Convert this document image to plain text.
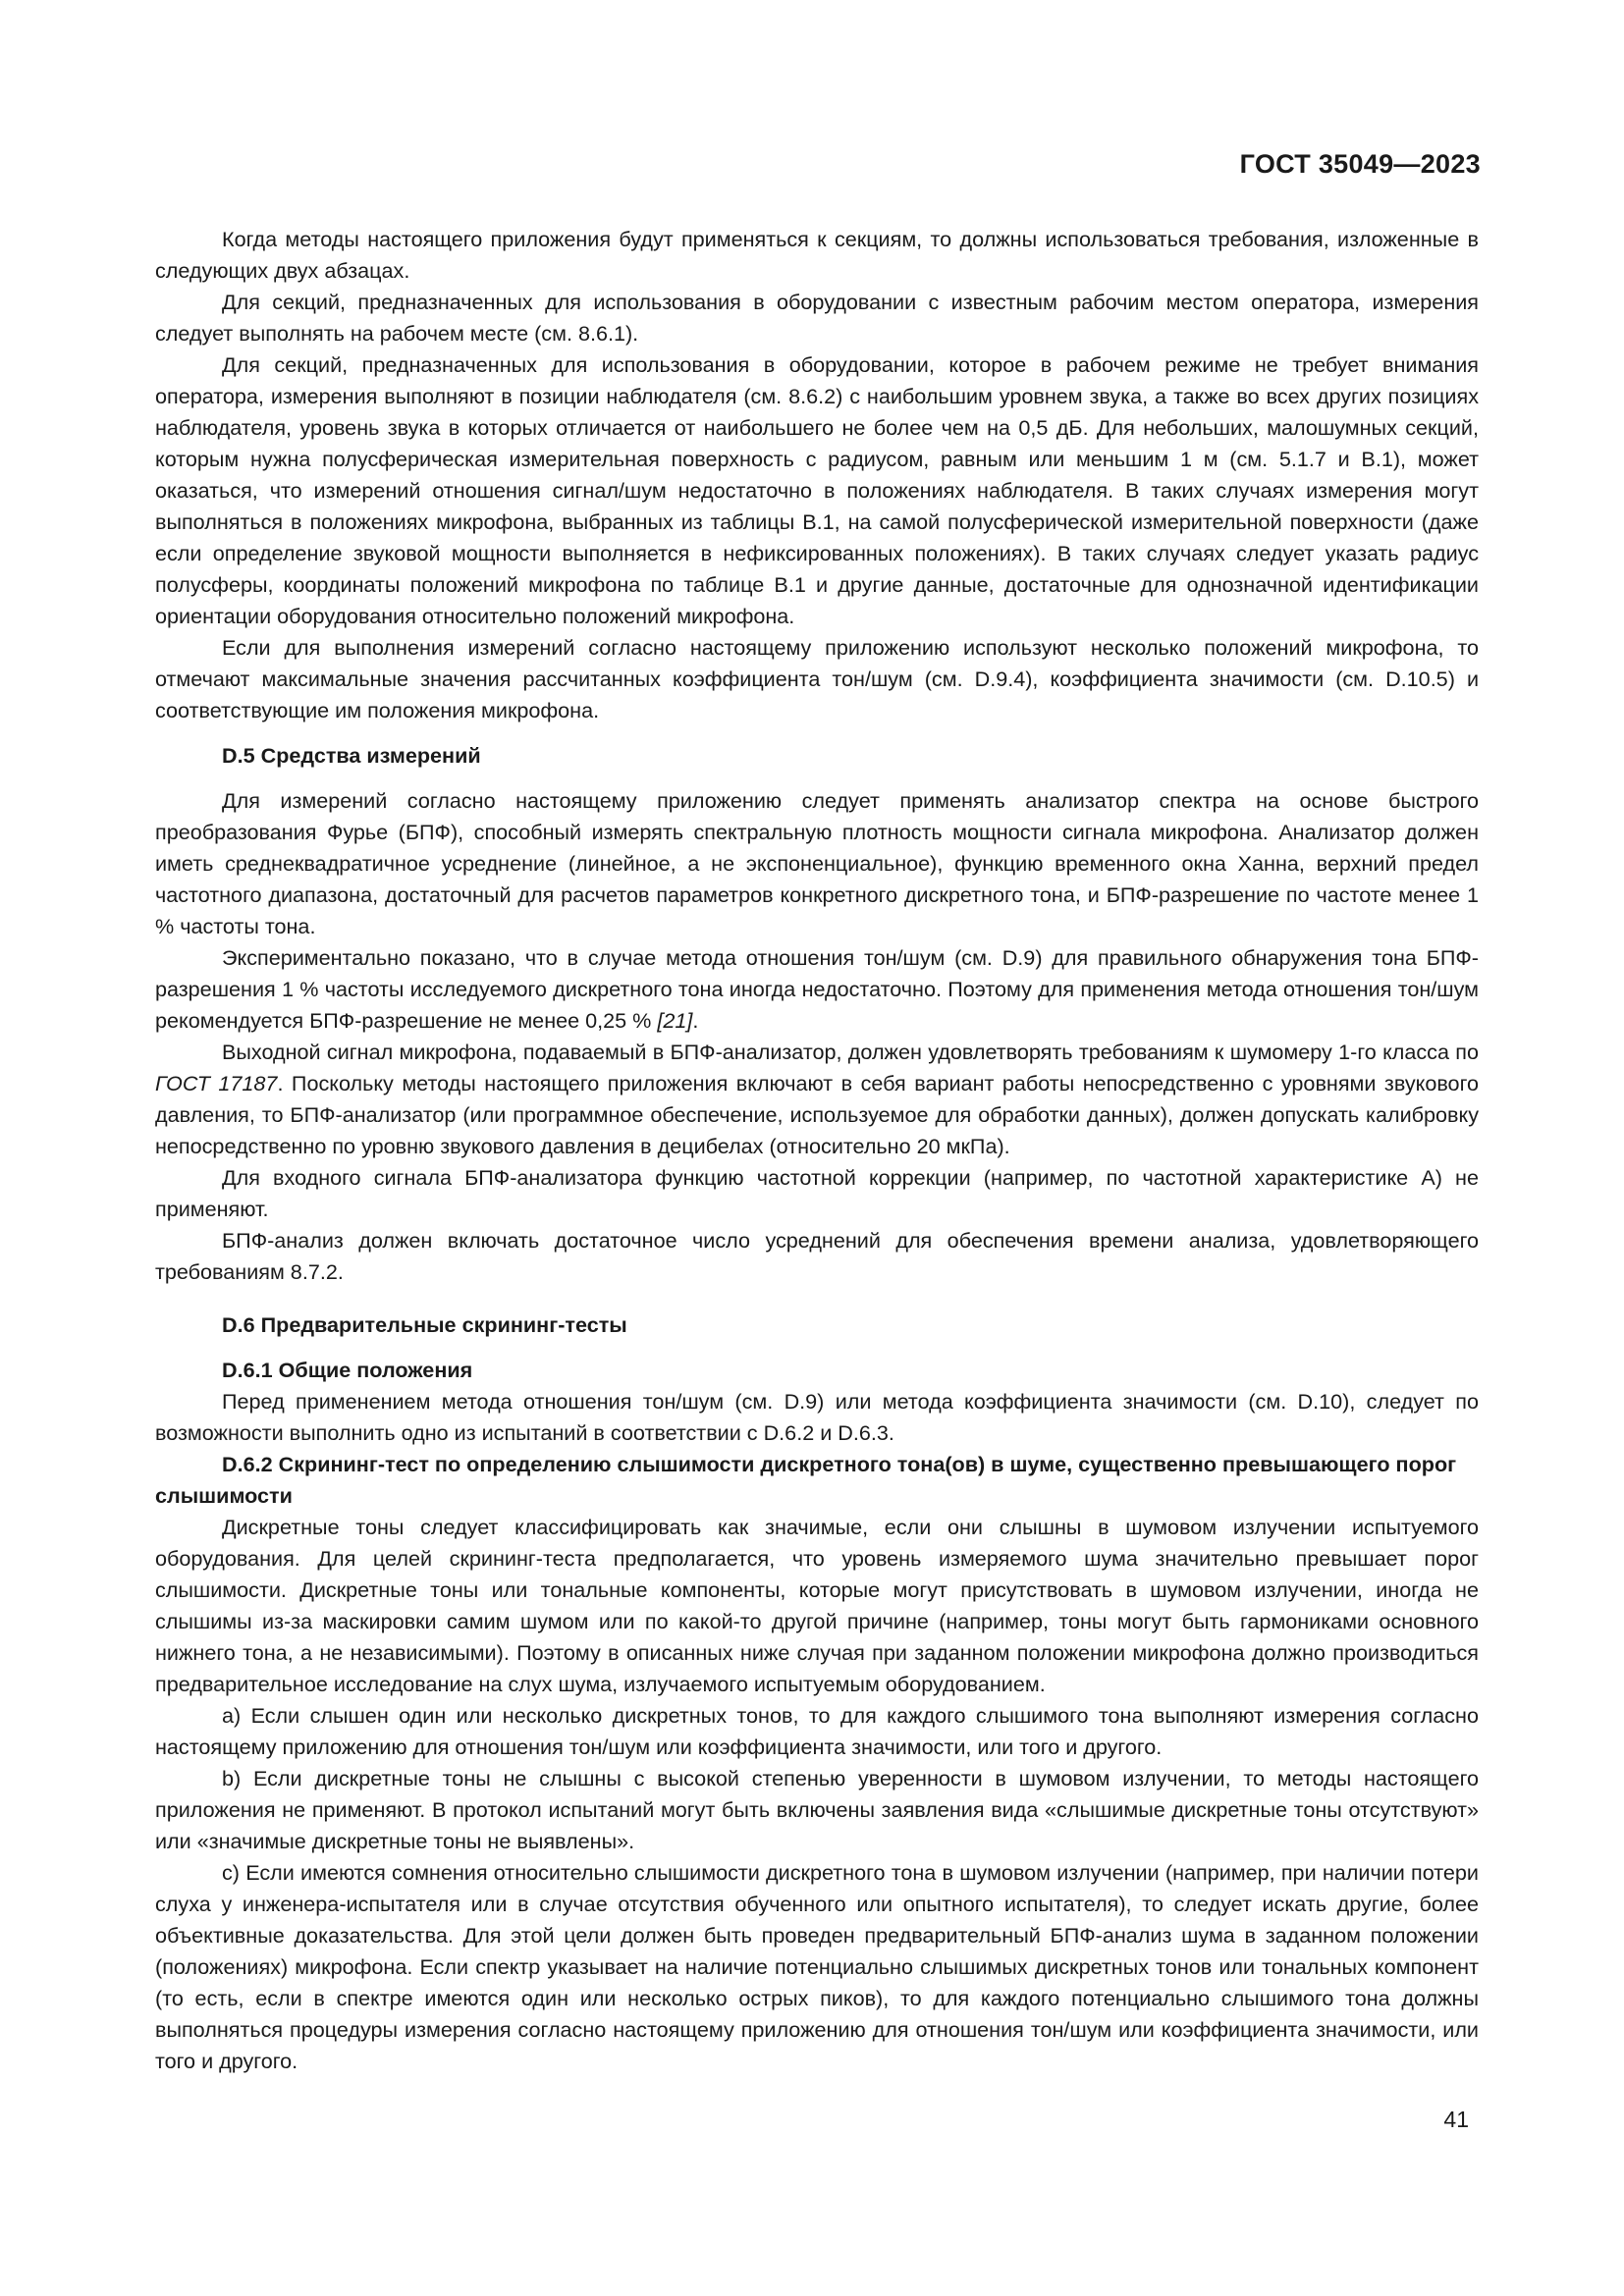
ГОСТ 35049—2023

Когда методы настоящего приложения будут применяться к секциям, то должны использоваться требования, изложенные в следующих двух абзацах.

Для секций, предназначенных для использования в оборудовании с известным рабочим местом оператора, измерения следует выполнять на рабочем месте (см. 8.6.1).

Для секций, предназначенных для использования в оборудовании, которое в рабочем режиме не требует внимания оператора, измерения выполняют в позиции наблюдателя (см. 8.6.2) с наибольшим уровнем звука, а также во всех других позициях наблюдателя, уровень звука в которых отличается от наибольшего не более чем на 0,5 дБ. Для небольших, малошумных секций, которым нужна полусферическая измерительная поверхность с радиусом, равным или меньшим 1 м (см. 5.1.7 и В.1), может оказаться, что измерений отношения сигнал/шум недостаточно в положениях наблюдателя. В таких случаях измерения могут выполняться в положениях микрофона, выбранных из таблицы В.1, на самой полусферической измерительной поверхности (даже если определение звуковой мощности выполняется в нефиксированных положениях). В таких случаях следует указать радиус полусферы, координаты положений микрофона по таблице В.1 и другие данные, достаточные для однозначной идентификации ориентации оборудования относительно положений микрофона.

Если для выполнения измерений согласно настоящему приложению используют несколько положений микрофона, то отмечают максимальные значения рассчитанных коэффициента тон/шум (см. D.9.4), коэффициента значимости (см. D.10.5) и соответствующие им положения микрофона.

D.5 Средства измерений

Для измерений согласно настоящему приложению следует применять анализатор спектра на основе быстрого преобразования Фурье (БПФ), способный измерять спектральную плотность мощности сигнала микрофона. Анализатор должен иметь среднеквадратичное усреднение (линейное, а не экспоненциальное), функцию временного окна Ханна, верхний предел частотного диапазона, достаточный для расчетов параметров конкретного дискретного тона, и БПФ-разрешение по частоте менее 1 % частоты тона.

Экспериментально показано, что в случае метода отношения тон/шум (см. D.9) для правильного обнаружения тона БПФ-разрешения 1 % частоты исследуемого дискретного тона иногда недостаточно. Поэтому для применения метода отношения тон/шум рекомендуется БПФ-разрешение не менее 0,25 % [21].

Выходной сигнал микрофона, подаваемый в БПФ-анализатор, должен удовлетворять требованиям к шумомеру 1-го класса по ГОСТ 17187. Поскольку методы настоящего приложения включают в себя вариант работы непосредственно с уровнями звукового давления, то БПФ-анализатор (или программное обеспечение, используемое для обработки данных), должен допускать калибровку непосредственно по уровню звукового давления в децибелах (относительно 20 мкПа).

Для входного сигнала БПФ-анализатора функцию частотной коррекции (например, по частотной характеристике А) не применяют.

БПФ-анализ должен включать достаточное число усреднений для обеспечения времени анализа, удовлетворяющего требованиям 8.7.2.

D.6 Предварительные скрининг-тесты
D.6.1 Общие положения

Перед применением метода отношения тон/шум (см. D.9) или метода коэффициента значимости (см. D.10), следует по возможности выполнить одно из испытаний в соответствии с D.6.2 и D.6.3.

D.6.2 Скрининг-тест по определению слышимости дискретного тона(ов) в шуме, существенно превышающего порог слышимости

Дискретные тоны следует классифицировать как значимые, если они слышны в шумовом излучении испытуемого оборудования. Для целей скрининг-теста предполагается, что уровень измеряемого шума значительно превышает порог слышимости. Дискретные тоны или тональные компоненты, которые могут присутствовать в шумовом излучении, иногда не слышимы из-за маскировки самим шумом или по какой-то другой причине (например, тоны могут быть гармониками основного нижнего тона, а не независимыми). Поэтому в описанных ниже случая при заданном положении микрофона должно производиться предварительное исследование на слух шума, излучаемого испытуемым оборудованием.

a) Если слышен один или несколько дискретных тонов, то для каждого слышимого тона выполняют измерения согласно настоящему приложению для отношения тон/шум или коэффициента значимости, или того и другого.

b) Если дискретные тоны не слышны с высокой степенью уверенности в шумовом излучении, то методы настоящего приложения не применяют. В протокол испытаний могут быть включены заявления вида «слышимые дискретные тоны отсутствуют» или «значимые дискретные тоны не выявлены».

c) Если имеются сомнения относительно слышимости дискретного тона в шумовом излучении (например, при наличии потери слуха у инженера-испытателя или в случае отсутствия обученного или опытного испытателя), то следует искать другие, более объективные доказательства. Для этой цели должен быть проведен предварительный БПФ-анализ шума в заданном положении (положениях) микрофона. Если спектр указывает на наличие потенциально слышимых дискретных тонов или тональных компонент (то есть, если в спектре имеются один или несколько острых пиков), то для каждого потенциально слышимого тона должны выполняться процедуры измерения согласно настоящему приложению для отношения тон/шум или коэффициента значимости, или того и другого.

41
